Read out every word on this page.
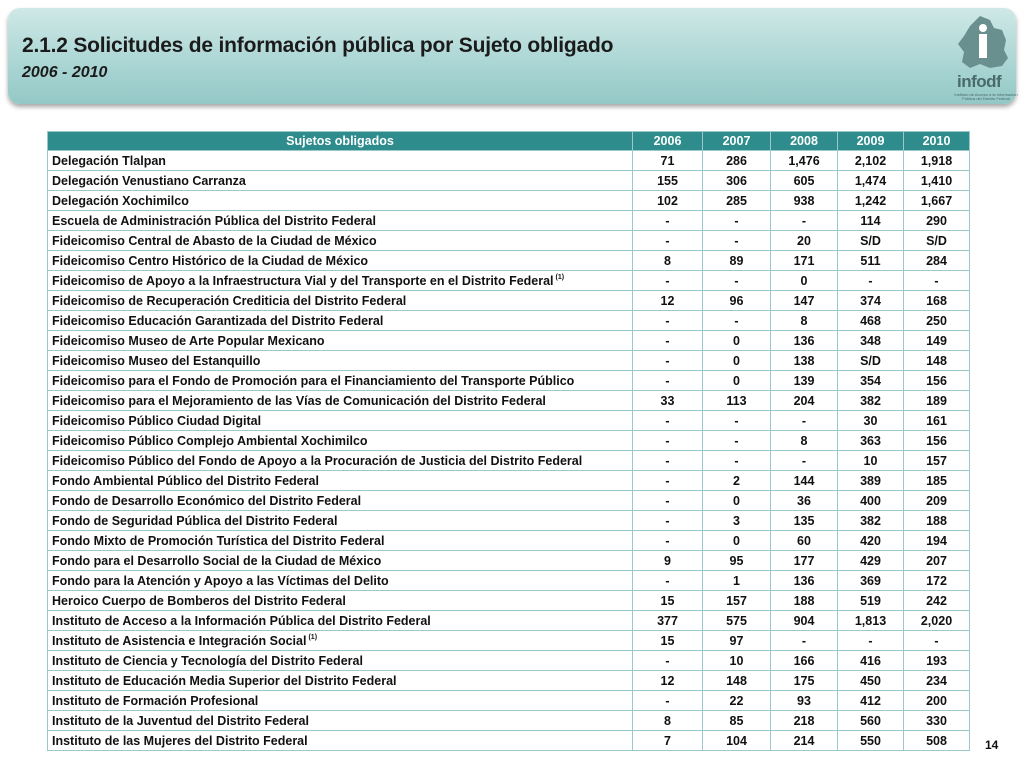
2.1.2 Solicitudes de información pública por Sujeto obligado
2006 - 2010	infodf
Instituto de Acceso a la Información Pública del Distrito Federal
Sujetos obligados	2006	2007	2008	2009	2010
Delegación Tlalpan	71	286	1,476	2,102	1,918
Delegación Venustiano Carranza	155	306	605	1,474	1,410
Delegación Xochimilco	102	285	938	1,242	1,667
Escuela de Administración Pública del Distrito Federal	-	-	-	114	290
Fideicomiso Central de Abasto de la Ciudad de México	-	-	20	S/D	S/D
Fideicomiso Centro Histórico de la Ciudad de México	8	89	171	511	284
Fideicomiso de Apoyo a la Infraestructura Vial y del Transporte en el Distrito Federal $^{(1)}$	-	-	0	-	-
Fideicomiso de Recuperación Crediticia del Distrito Federal	12	96	147	374	168
Fideicomiso Educación Garantizada del Distrito Federal	-	-	8	468	250
Fideicomiso Museo de Arte Popular Mexicano	-	0	136	348	149
Fideicomiso Museo del Estanquillo	-	0	138	S/D	148
Fideicomiso para el Fondo de Promoción para el Financiamiento del Transporte Público	-	0	139	354	156
Fideicomiso para el Mejoramiento de las Vías de Comunicación del Distrito Federal	33	113	204	382	189
Fideicomiso Público Ciudad Digital	-	-	-	30	161
Fideicomiso Público Complejo Ambiental Xochimilco	-	-	8	363	156
Fideicomiso Público del Fondo de Apoyo a la Procuración de Justicia del Distrito Federal	-	-	-	10	157
Fondo Ambiental Público del Distrito Federal	-	2	144	389	185
Fondo de Desarrollo Económico del Distrito Federal	-	0	36	400	209
Fondo de Seguridad Pública del Distrito Federal	-	3	135	382	188
Fondo Mixto de Promoción Turística del Distrito Federal	-	0	60	420	194
Fondo para el Desarrollo Social de la Ciudad de México	9	95	177	429	207
Fondo para la Atención y Apoyo a las Víctimas del Delito	-	1	136	369	172
Heroico Cuerpo de Bomberos del Distrito Federal	15	157	188	519	242
Instituto de Acceso a la Información Pública del Distrito Federal	377	575	904	1,813	2,020
Instituto de Asistencia e Integración Social $^{(1)}$	15	97	-	-	-
Instituto de Ciencia y Tecnología del Distrito Federal	-	10	166	416	193
Instituto de Educación Media Superior del Distrito Federal	12	148	175	450	234
Instituto de Formación Profesional	-	22	93	412	200
Instituto de la Juventud del Distrito Federal	8	85	218	560	330
Instituto de las Mujeres del Distrito Federal	7	104	214	550	508	14
